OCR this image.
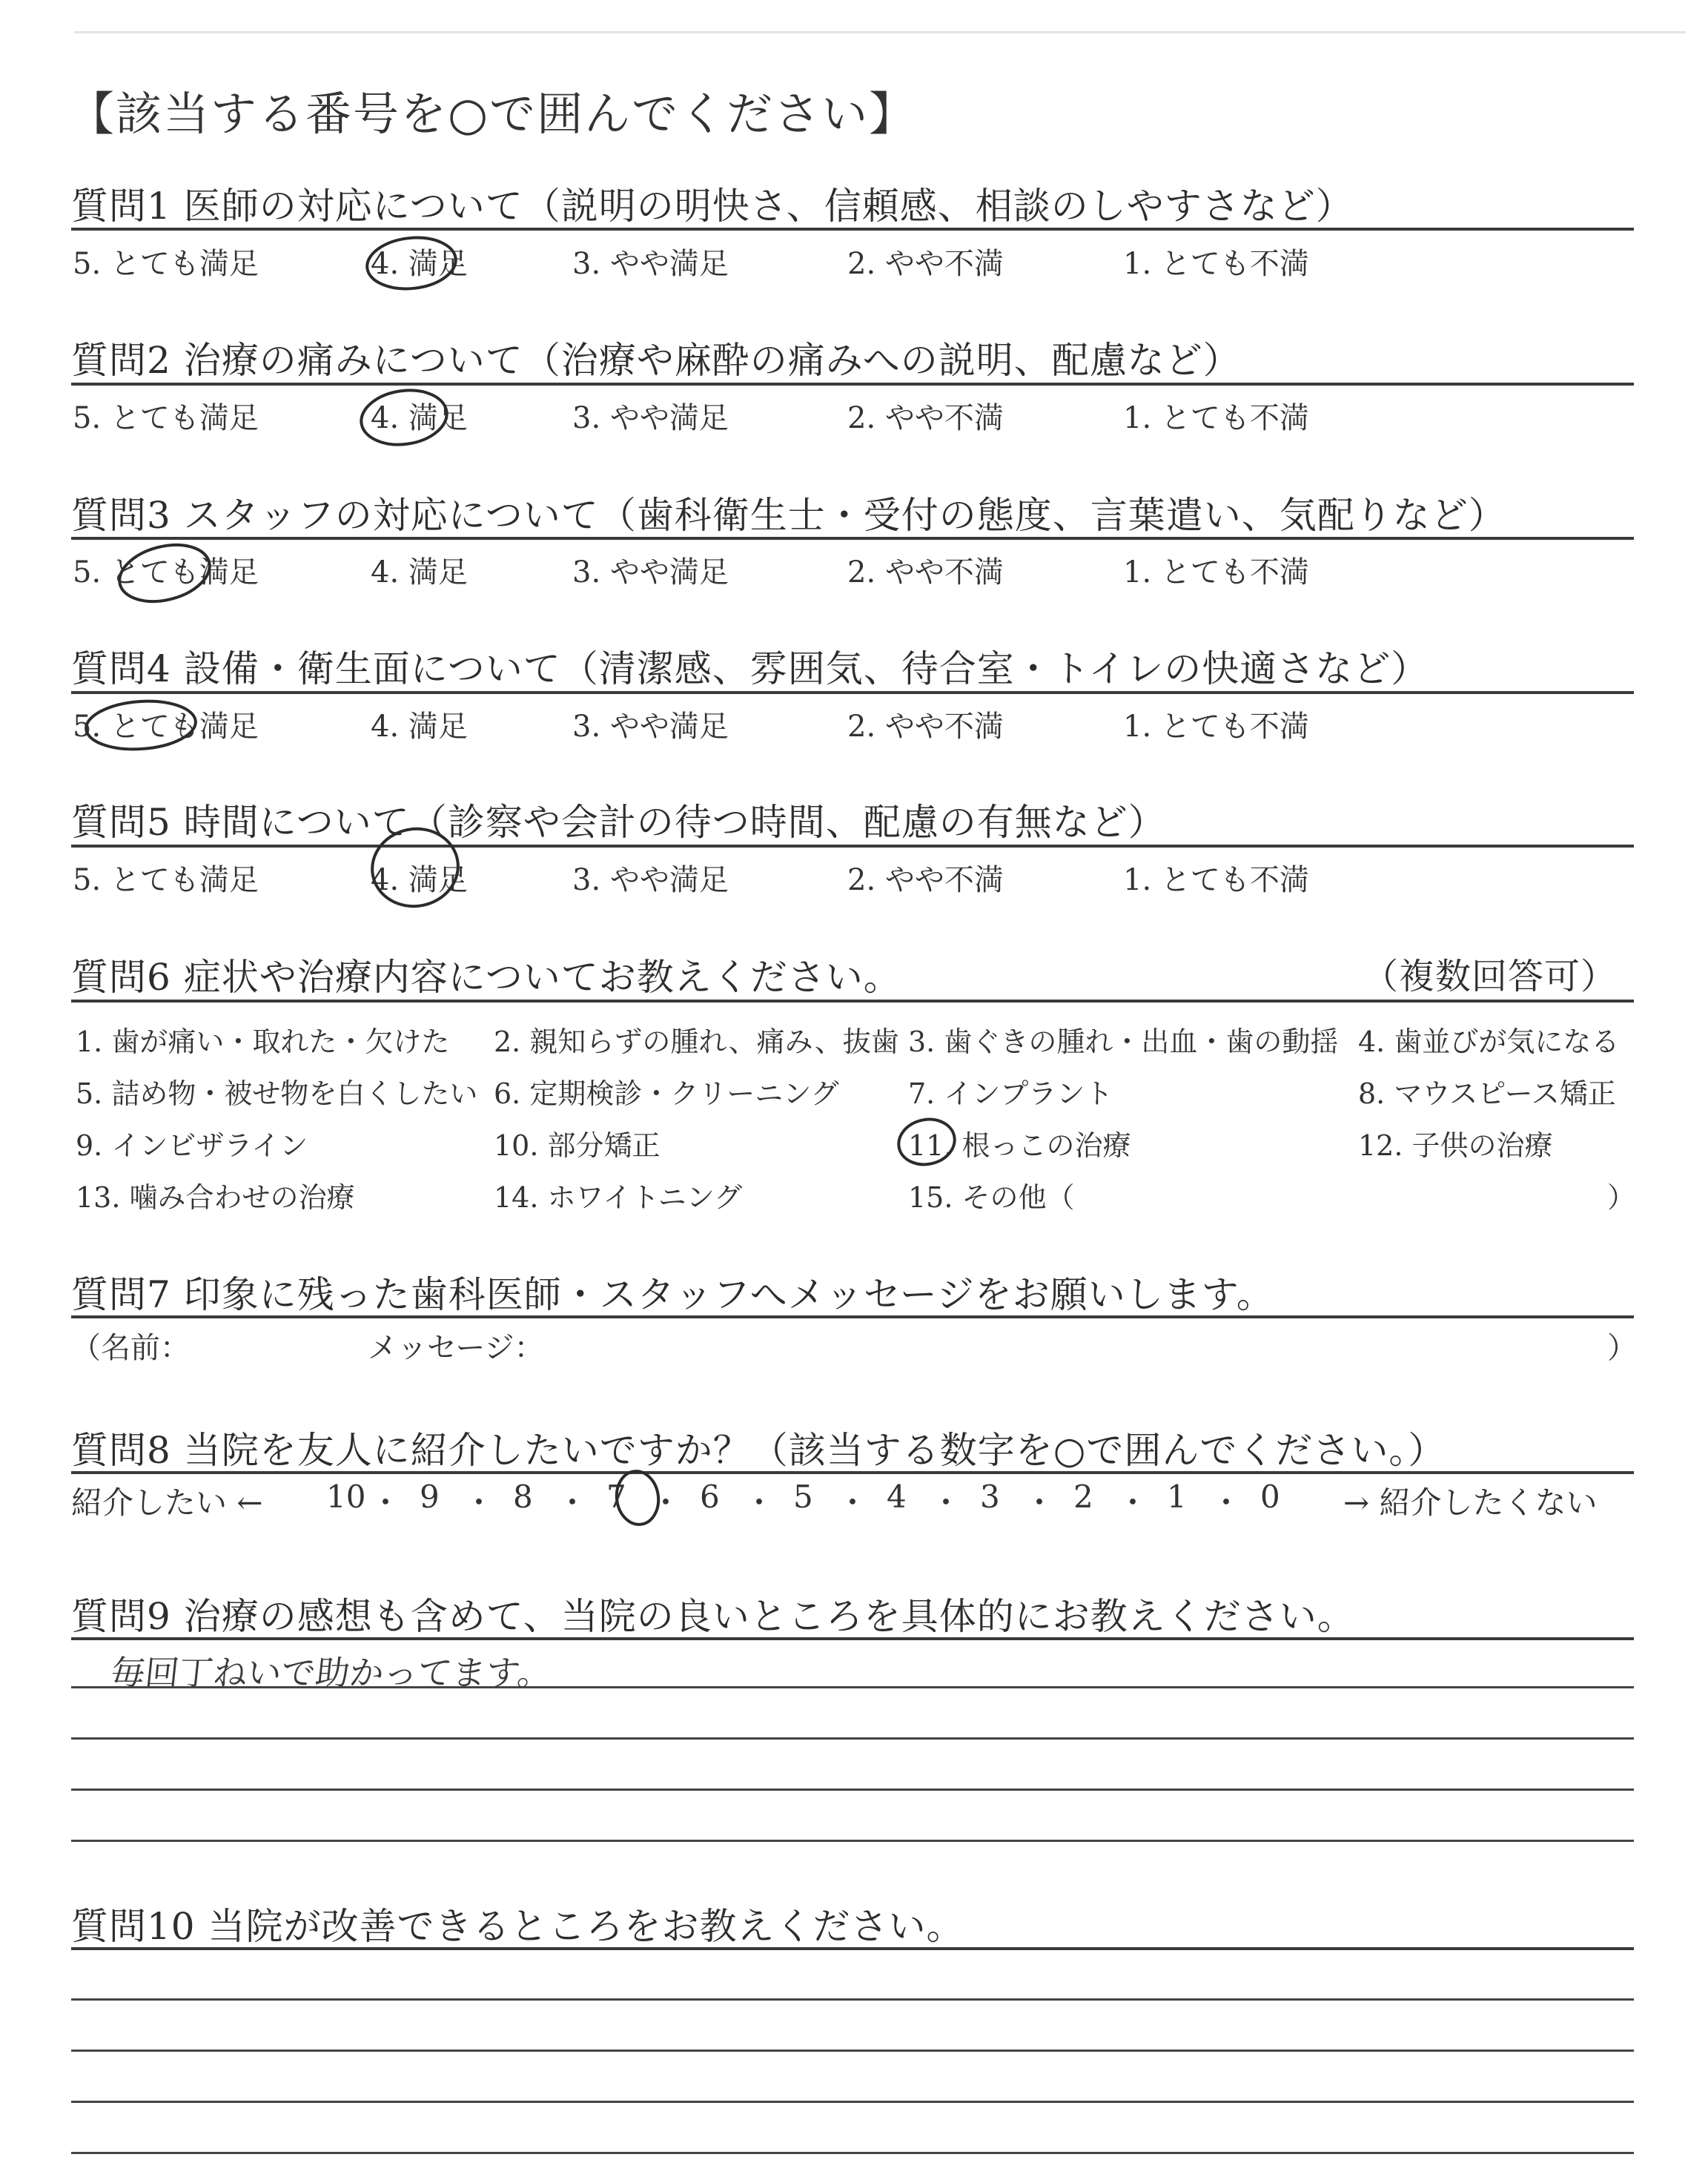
【該当する番号を○で囲んでください】
質問1 医師の対応について（説明の明快さ、信頼感、相談のしやすさなど）
5. とても満足	4. 満足	3. やや満足	2. やや不満	1. とても不満
質問2 治療の痛みについて（治療や麻酔の痛みへの説明、配慮など）
5. とても満足	4. 満足	3. やや満足	2. やや不満	1. とても不満
質問3 スタッフの対応について（歯科衛生士・受付の態度、言葉遣い、気配りなど）
5. とても満足	4. 満足	3. やや満足	2. やや不満	1. とても不満
質問4 設備・衛生面について（清潔感、雰囲気、待合室・トイレの快適さなど）
5. とても満足	4. 満足	3. やや満足	2. やや不満	1. とても不満
質問5 時間について（診察や会計の待つ時間、配慮の有無など）
5. とても満足	4. 満足	3. やや満足	2. やや不満	1. とても不満
質問6 症状や治療内容についてお教えください。	（複数回答可）
1. 歯が痛い・取れた・欠けた 2. 親知らずの腫れ、痛み、抜歯 3. 歯ぐきの腫れ・出血・歯の動揺 4. 歯並びが気になる
5. 詰め物・被せ物を白くしたい 6. 定期検診・クリーニング 7. インプラント	8. マウスピース矯正
9. インビザライン	10. 部分矯正	11. 根っこの治療	12. 子供の治療
13. 噛み合わせの治療	14. ホワイトニング	15. その他（	）
質問7 印象に残った歯科医師・スタッフへメッセージをお願いします。
（名前：	メッセージ：	）
質問8 当院を友人に紹介したいですか？（該当する数字を○で囲んでください。）
紹介したい ←	→ 紹介したくない
10 ・ 9 ・ 8 ・ 7 ・ 6 ・ 5 ・ 4 ・ 3 ・ 2 ・ 1 ・ 0
質問9 治療の感想も含めて、当院の良いところを具体的にお教えください。
毎回丁ねいで助かってます。
質問10 当院が改善できるところをお教えください。
